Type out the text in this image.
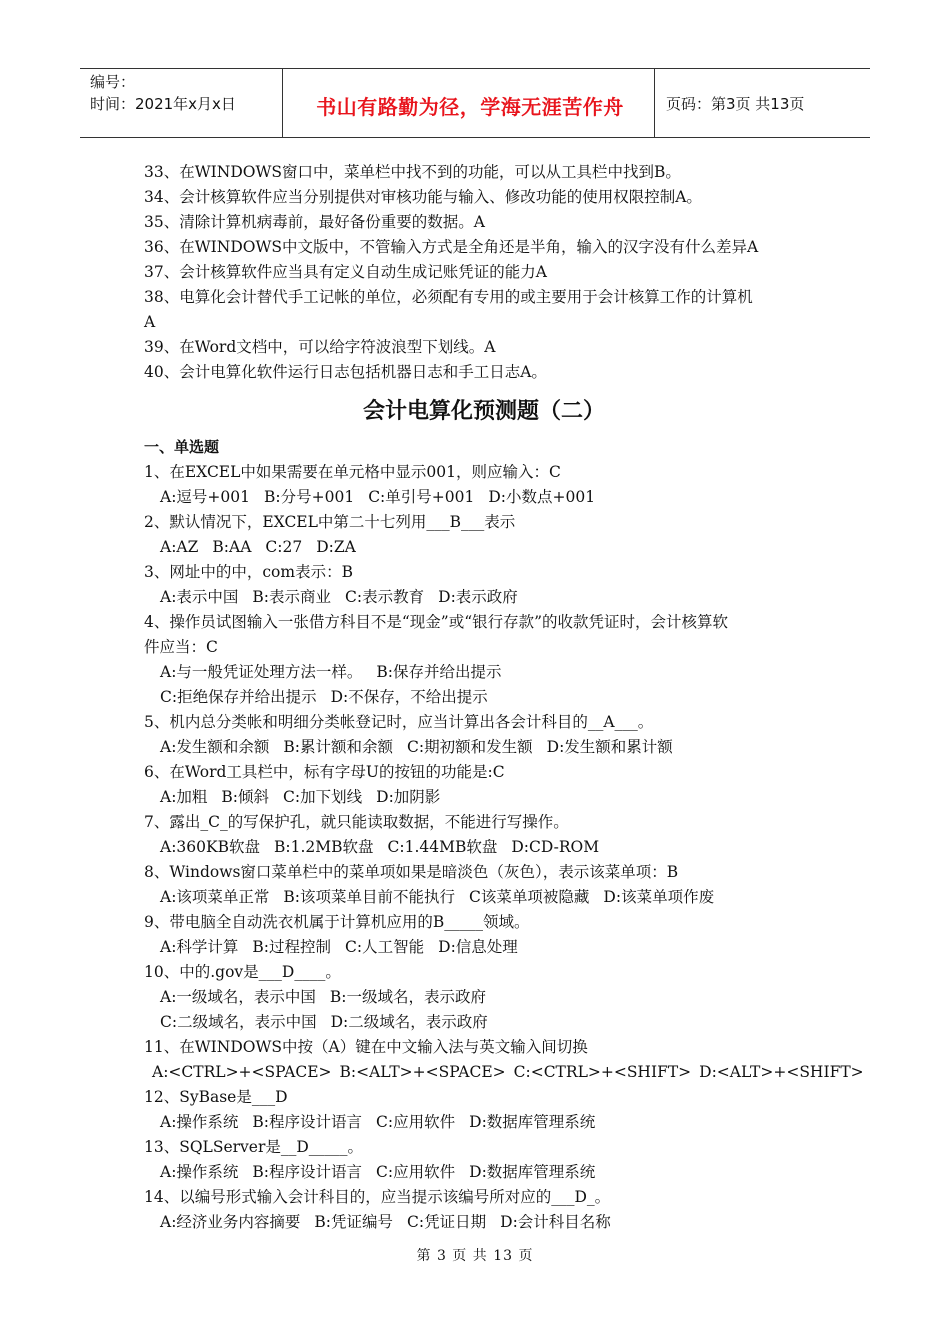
编号：
时间：2021年x月x日	书山有路勤为径，学海无涯苦作舟	页码：第3页 共13页
33、在WINDOWS窗口中，菜单栏中找不到的功能，可以从工具栏中找到B。
34、会计核算软件应当分别提供对审核功能与输入、修改功能的使用权限控制A。
35、清除计算机病毒前，最好备份重要的数据。A
36、在WINDOWS中文版中，不管输入方式是全角还是半角，输入的汉字没有什么差异A
37、会计核算软件应当具有定义自动生成记账凭证的能力A
38、电算化会计替代手工记帐的单位，必须配有专用的或主要用于会计核算工作的计算机
A
39、在Word文档中，可以给字符波浪型下划线。A
40、会计电算化软件运行日志包括机器日志和手工日志A。
会计电算化预测题（二）
一、单选题
1、在EXCEL中如果需要在单元格中显示001，则应输入：C
A:逗号+001 B:分号+001 C:单引号+001 D:小数点+001
2、默认情况下，EXCEL中第二十七列用___B___表示
A:AZ B:AA C:27 D:ZA
3、网址中的中，com表示：B
A:表示中国 B:表示商业 C:表示教育 D:表示政府
4、操作员试图输入一张借方科目不是“现金”或“银行存款”的收款凭证时，会计核算软
件应当：C
A:与一般凭证处理方法一样。 B:保存并给出提示
C:拒绝保存并给出提示 D:不保存，不给出提示
5、机内总分类帐和明细分类帐登记时，应当计算出各会计科目的__A___。
A:发生额和余额 B:累计额和余额 C:期初额和发生额 D:发生额和累计额
6、在Word工具栏中，标有字母U的按钮的功能是:C
A:加粗 B:倾斜 C:加下划线 D:加阴影
7、露出_C_的写保护孔，就只能读取数据，不能进行写操作。
A:360KB软盘 B:1.2MB软盘 C:1.44MB软盘 D:CD-ROM
8、Windows窗口菜单栏中的菜单项如果是暗淡色（灰色），表示该菜单项：B
A:该项菜单正常 B:该项菜单目前不能执行 C该菜单项被隐藏 D:该菜单项作废
9、带电脑全自动洗衣机属于计算机应用的B_____领域。
A:科学计算 B:过程控制 C:人工智能 D:信息处理
10、中的.gov是___D____。
A:一级域名，表示中国 B:一级域名，表示政府
C:二级域名，表示中国 D:二级域名，表示政府
11、在WINDOWS中按（A）键在中文输入法与英文输入间切换
A:<CTRL>+<SPACE> B:<ALT>+<SPACE> C:<CTRL>+<SHIFT> D:<ALT>+<SHIFT>
12、SyBase是___D
A:操作系统 B:程序设计语言 C:应用软件 D:数据库管理系统
13、SQLServer是__D_____。
A:操作系统 B:程序设计语言 C:应用软件 D:数据库管理系统
14、以编号形式输入会计科目的，应当提示该编号所对应的___D_。
A:经济业务内容摘要 B:凭证编号 C:凭证日期 D:会计科目名称
第 3 页 共 13 页
